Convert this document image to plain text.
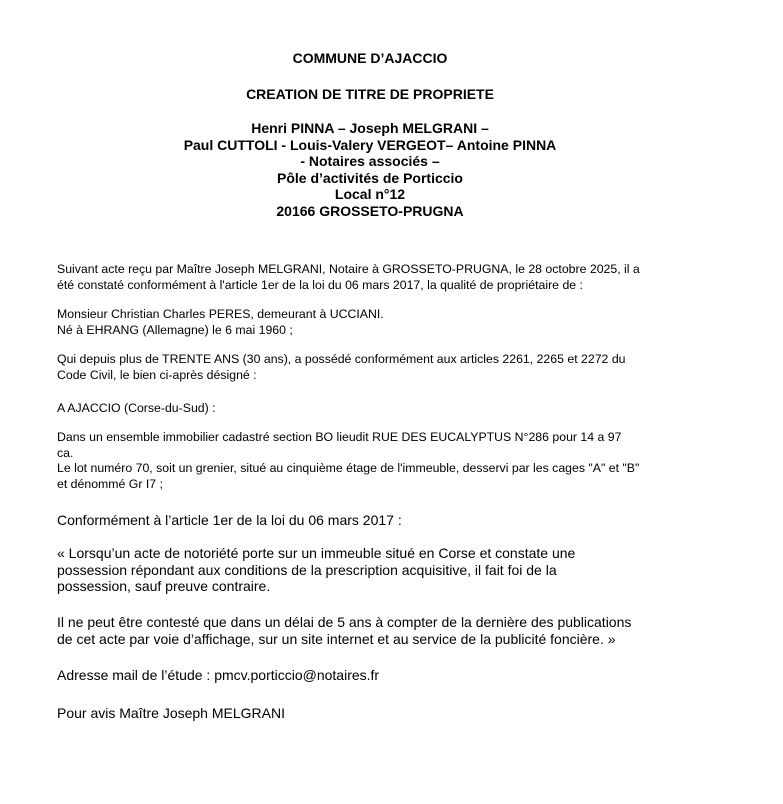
COMMUNE D’AJACCIO
CREATION DE TITRE DE PROPRIETE
Henri PINNA – Joseph MELGRANI –
Paul CUTTOLI - Louis-Valery VERGEOT– Antoine PINNA
- Notaires associés –
Pôle d’activités de Porticcio
Local n°12
20166 GROSSETO-PRUGNA
Suivant acte reçu par Maître Joseph MELGRANI, Notaire à GROSSETO-PRUGNA, le 28 octobre 2025, il a
été constaté conformément à l'article 1er de la loi du 06 mars 2017, la qualité de propriétaire de :
Monsieur Christian Charles PERES, demeurant à UCCIANI.
Né à EHRANG (Allemagne) le 6 mai 1960 ;
Qui depuis plus de TRENTE ANS (30 ans), a possédé conformément aux articles 2261, 2265 et 2272 du
Code Civil, le bien ci-après désigné :
A AJACCIO (Corse-du-Sud) :
Dans un ensemble immobilier cadastré section BO lieudit RUE DES EUCALYPTUS N°286 pour 14 a 97
ca.
Le lot numéro 70, soit un grenier, situé au cinquième étage de l'immeuble, desservi par les cages "A" et "B"
et dénommé Gr I7 ;
Conformément à l’article 1er de la loi du 06 mars 2017 :
« Lorsqu’un acte de notoriété porte sur un immeuble situé en Corse et constate une
possession répondant aux conditions de la prescription acquisitive, il fait foi de la
possession, sauf preuve contraire.
Il ne peut être contesté que dans un délai de 5 ans à compter de la dernière des publications
de cet acte par voie d’affichage, sur un site internet et au service de la publicité foncière. »
Adresse mail de l’étude : pmcv.porticcio@notaires.fr
Pour avis Maître Joseph MELGRANI
